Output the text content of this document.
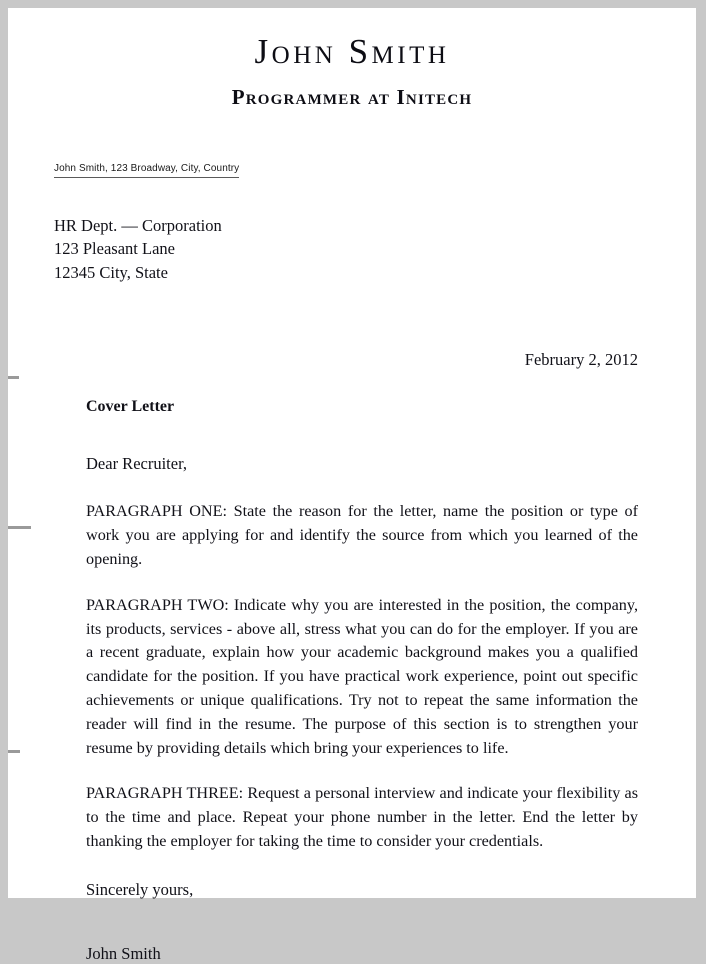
John Smith
Programmer at Initech
John Smith, 123 Broadway, City, Country
HR Dept. — Corporation
123 Pleasant Lane
12345 City, State
February 2, 2012
Cover Letter
Dear Recruiter,
PARAGRAPH ONE: State the reason for the letter, name the position or type of work you are applying for and identify the source from which you learned of the opening.
PARAGRAPH TWO: Indicate why you are interested in the position, the company, its products, services - above all, stress what you can do for the employer. If you are a recent graduate, explain how your academic background makes you a qualified candidate for the position. If you have practical work experience, point out specific achievements or unique qualifications. Try not to repeat the same information the reader will find in the resume. The purpose of this section is to strengthen your resume by providing details which bring your experiences to life.
PARAGRAPH THREE: Request a personal interview and indicate your flexibility as to the time and place. Repeat your phone number in the letter. End the letter by thanking the employer for taking the time to consider your credentials.
Sincerely yours,
John Smith
